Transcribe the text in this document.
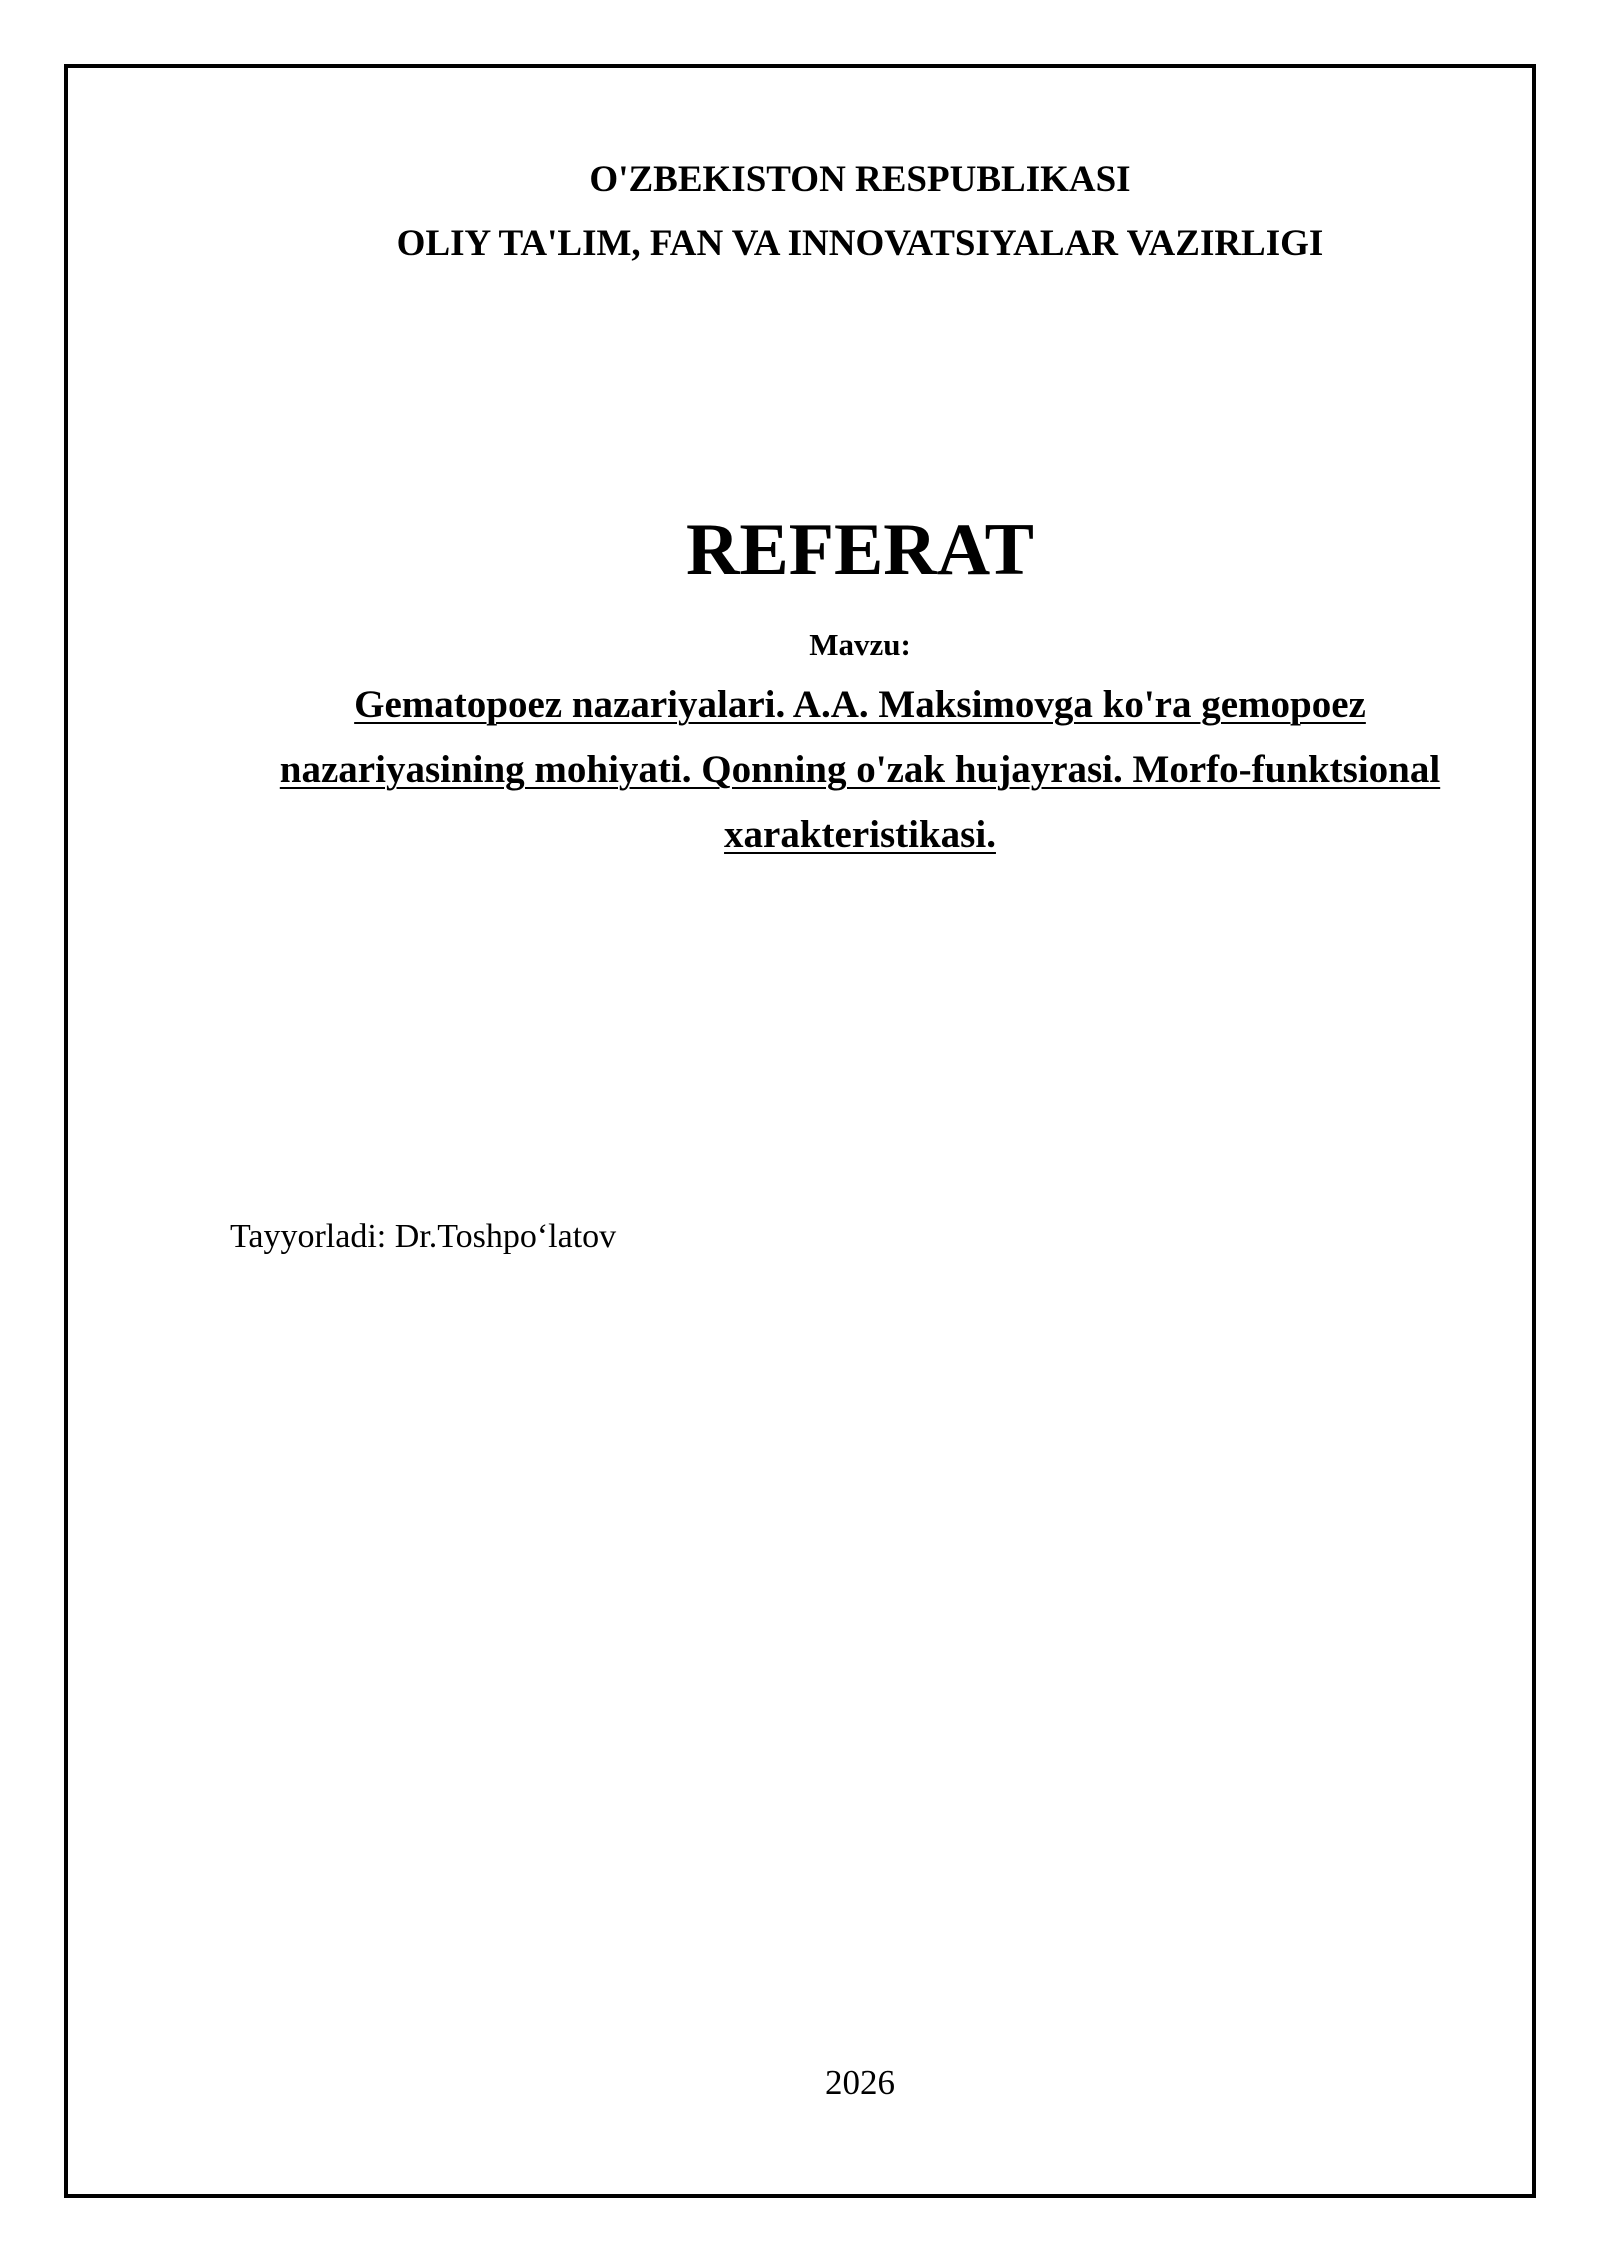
O'ZBEKISTON RESPUBLIKASI

OLIY TA'LIM, FAN VA INNOVATSIYALAR VAZIRLIGI

REFERAT

Mavzu:

Gematopoez nazariyalari. A.A. Maksimovga ko'ra gemopoez nazariyasining mohiyati. Qonning o'zak hujayrasi. Morfo-funktsional xarakteristikasi.

Tayyorladi: Dr.Toshpo‘latov

2026
